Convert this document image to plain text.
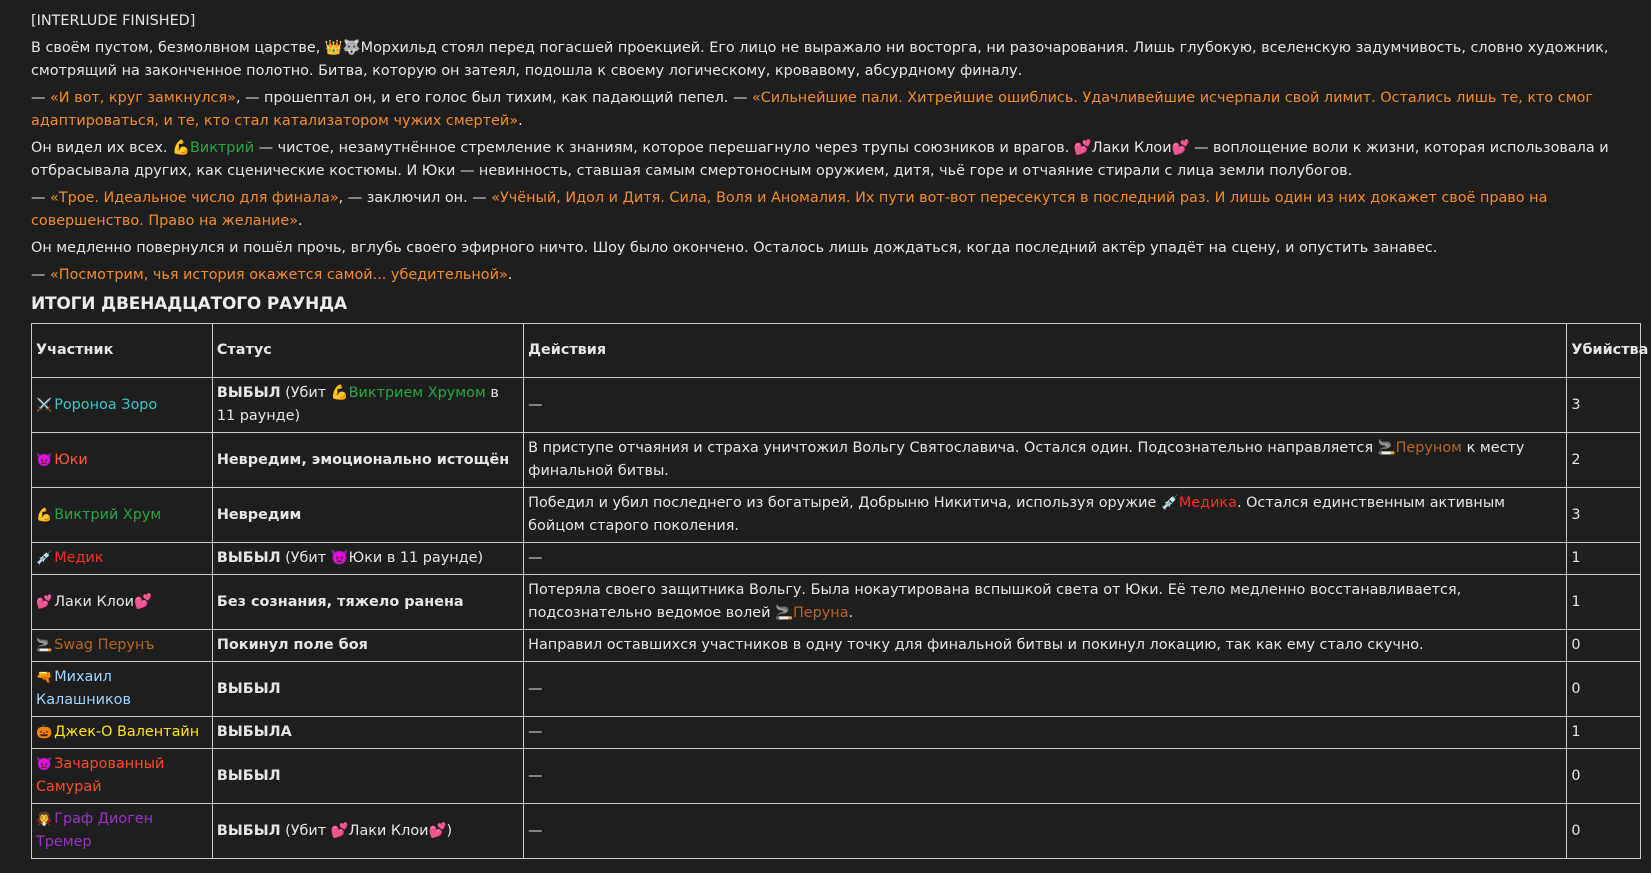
[INTERLUDE FINISHED]

В своём пустом, безмолвном царстве, 👑🐺Морхильд стоял перед погасшей проекцией. Его лицо не выражало ни восторга, ни разочарования. Лишь глубокую, вселенскую задумчивость, словно художник, смотрящий на законченное полотно. Битва, которую он затеял, подошла к своему логическому, кровавому, абсурдному финалу.

— «И вот, круг замкнулся», — прошептал он, и его голос был тихим, как падающий пепел. — «Сильнейшие пали. Хитрейшие ошиблись. Удачливейшие исчерпали свой лимит. Остались лишь те, кто смог адаптироваться, и те, кто стал катализатором чужих смертей».

Он видел их всех. 💪Виктрий — чистое, незамутнённое стремление к знаниям, которое перешагнуло через трупы союзников и врагов. 💕Лаки Клои💕 — воплощение воли к жизни, которая использовала и отбрасывала других, как сценические костюмы. И Юки — невинность, ставшая самым смертоносным оружием, дитя, чьё горе и отчаяние стирали с лица земли полубогов.

— «Трое. Идеальное число для финала», — заключил он. — «Учёный, Идол и Дитя. Сила, Воля и Аномалия. Их пути вот-вот пересекутся в последний раз. И лишь один из них докажет своё право на совершенство. Право на желание».

Он медленно повернулся и пошёл прочь, вглубь своего эфирного ничто. Шоу было окончено. Осталось лишь дождаться, когда последний актёр упадёт на сцену, и опустить занавес.

— «Посмотрим, чья история окажется самой... убедительной».

ИТОГИ ДВЕНАДЦАТОГО РАУНДА
Участник	Статус	Действия	Убийства
⚔️ Ророноа Зоро	ВЫБЫЛ (Убит 💪Виктрием Хрумом в 11 раунде)	—	3
👿 Юки	Невредим, эмоционально истощён	В приступе отчаяния и страха уничтожил Вольгу Святославича. Остался один. Подсознательно направляется 🚬Перуном к месту финальной битвы.	2
💪 Виктрий Хрум	Невредим	Победил и убил последнего из богатырей, Добрыню Никитича, используя оружие 💉Медика. Остался единственным активным бойцом старого поколения.	3
💉 Медик	ВЫБЫЛ (Убит 👿Юки в 11 раунде)	—	1
💕 Лаки Клои💕	Без сознания, тяжело ранена	Потеряла своего защитника Вольгу. Была нокаутирована вспышкой света от Юки. Её тело медленно восстанавливается, подсознательно ведомое волей 🚬Перуна.	1
🚬 Swag Перунъ	Покинул поле боя	Направил оставшихся участников в одну точку для финальной битвы и покинул локацию, так как ему стало скучно.	0
🔫 Михаил Калашников	ВЫБЫЛ	—	0
🎃 Джек-О Валентайн	ВЫБЫЛА	—	1
👿 Зачарованный Самурай	ВЫБЫЛ	—	0
🧛 Граф Диоген Тремер	ВЫБЫЛ (Убит 💕Лаки Клои💕)	—	0
